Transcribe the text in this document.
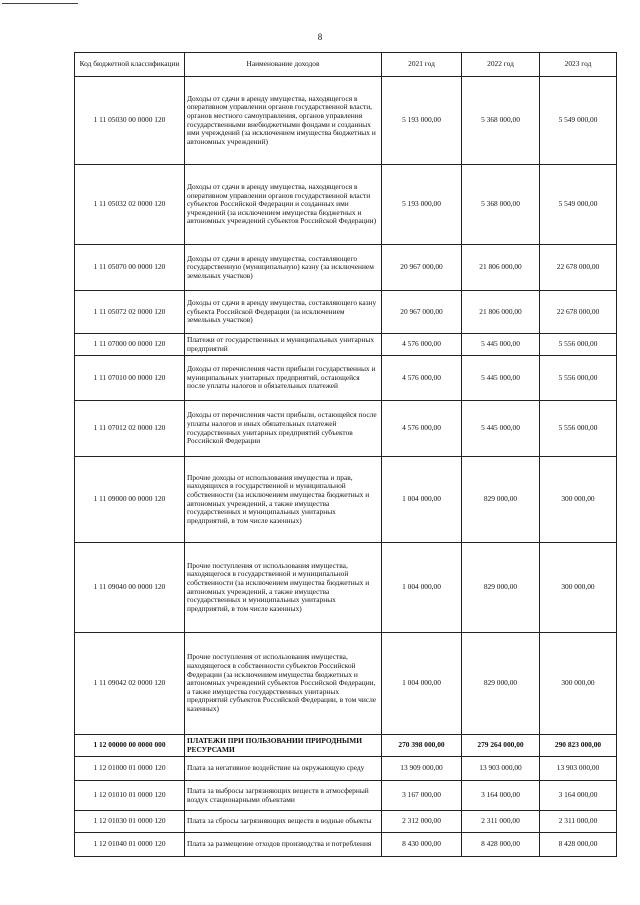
8
Код бюджетной классификации	Наименование доходов	2021 год	2022 год	2023 год
1 11 05030 00 0000 120	Доходы от сдачи в аренду имущества, находящегося в оперативном управлении органов государственной власти, органов местного самоуправления, органов управления государственными внебюджетными фондами и созданных ими учреждений (за исключением имущества бюджетных и автономных учреждений)	5 193 000,00	5 368 000,00	5 549 000,00
1 11 05032 02 0000 120	Доходы от сдачи в аренду имущества, находящегося в оперативном управлении органов государственной власти субъектов Российской Федерации и созданных ими учреждений (за исключением имущества бюджетных и автономных учреждений субъектов Российской Федерации)	5 193 000,00	5 368 000,00	5 549 000,00
1 11 05070 00 0000 120	Доходы от сдачи в аренду имущества, составляющего государственную (муниципальную) казну (за исключением земельных участков)	20 967 000,00	21 806 000,00	22 678 000,00
1 11 05072 02 0000 120	Доходы от сдачи в аренду имущества, составляющего казну субъекта Российской Федерации (за исключением земельных участков)	20 967 000,00	21 806 000,00	22 678 000,00
1 11 07000 00 0000 120	Платежи от государственных и муниципальных унитарных предприятий	4 576 000,00	5 445 000,00	5 556 000,00
1 11 07010 00 0000 120	Доходы от перечисления части прибыли государственных и муниципальных унитарных предприятий, остающейся после уплаты налогов и обязательных платежей	4 576 000,00	5 445 000,00	5 556 000,00
1 11 07012 02 0000 120	Доходы от перечисления части прибыли, остающейся после уплаты налогов и иных обязательных платежей государственных унитарных предприятий субъектов Российской Федерации	4 576 000,00	5 445 000,00	5 556 000,00
1 11 09000 00 0000 120	Прочие доходы от использования имущества и прав, находящихся в государственной и муниципальной собственности (за исключением имущества бюджетных и автономных учреждений, а также имущества государственных и муниципальных унитарных предприятий, в том числе казенных)	1 004 000,00	829 000,00	300 000,00
1 11 09040 00 0000 120	Прочие поступления от использования имущества, находящегося в государственной и муниципальной собственности (за исключением имущества бюджетных и автономных учреждений, а также имущества государственных и муниципальных унитарных предприятий, в том числе казенных)	1 004 000,00	829 000,00	300 000,00
1 11 09042 02 0000 120	Прочие поступления от использования имущества, находящегося в собственности субъектов Российской Федерации (за исключением имущества бюджетных и автономных учреждений субъектов Российской Федерации, а также имущества государственных унитарных предприятий субъектов Российской Федерации, в том числе казенных)	1 004 000,00	829 000,00	300 000,00
1 12 00000 00 0000 000	ПЛАТЕЖИ ПРИ ПОЛЬЗОВАНИИ ПРИРОДНЫМИ РЕСУРСАМИ	270 398 000,00	279 264 000,00	290 823 000,00
1 12 01000 01 0000 120	Плата за негативное воздействие на окружающую среду	13 909 000,00	13 903 000,00	13 903 000,00
1 12 01010 01 0000 120	Плата за выбросы загрязняющих веществ в атмосферный воздух стационарными объектами	3 167 000,00	3 164 000,00	3 164 000,00
1 12 01030 01 0000 120	Плата за сбросы загрязняющих веществ в водные объекты	2 312 000,00	2 311 000,00	2 311 000,00
1 12 01040 01 0000 120	Плата за размещение отходов производства и потребления	8 430 000,00	8 428 000,00	8 428 000,00
